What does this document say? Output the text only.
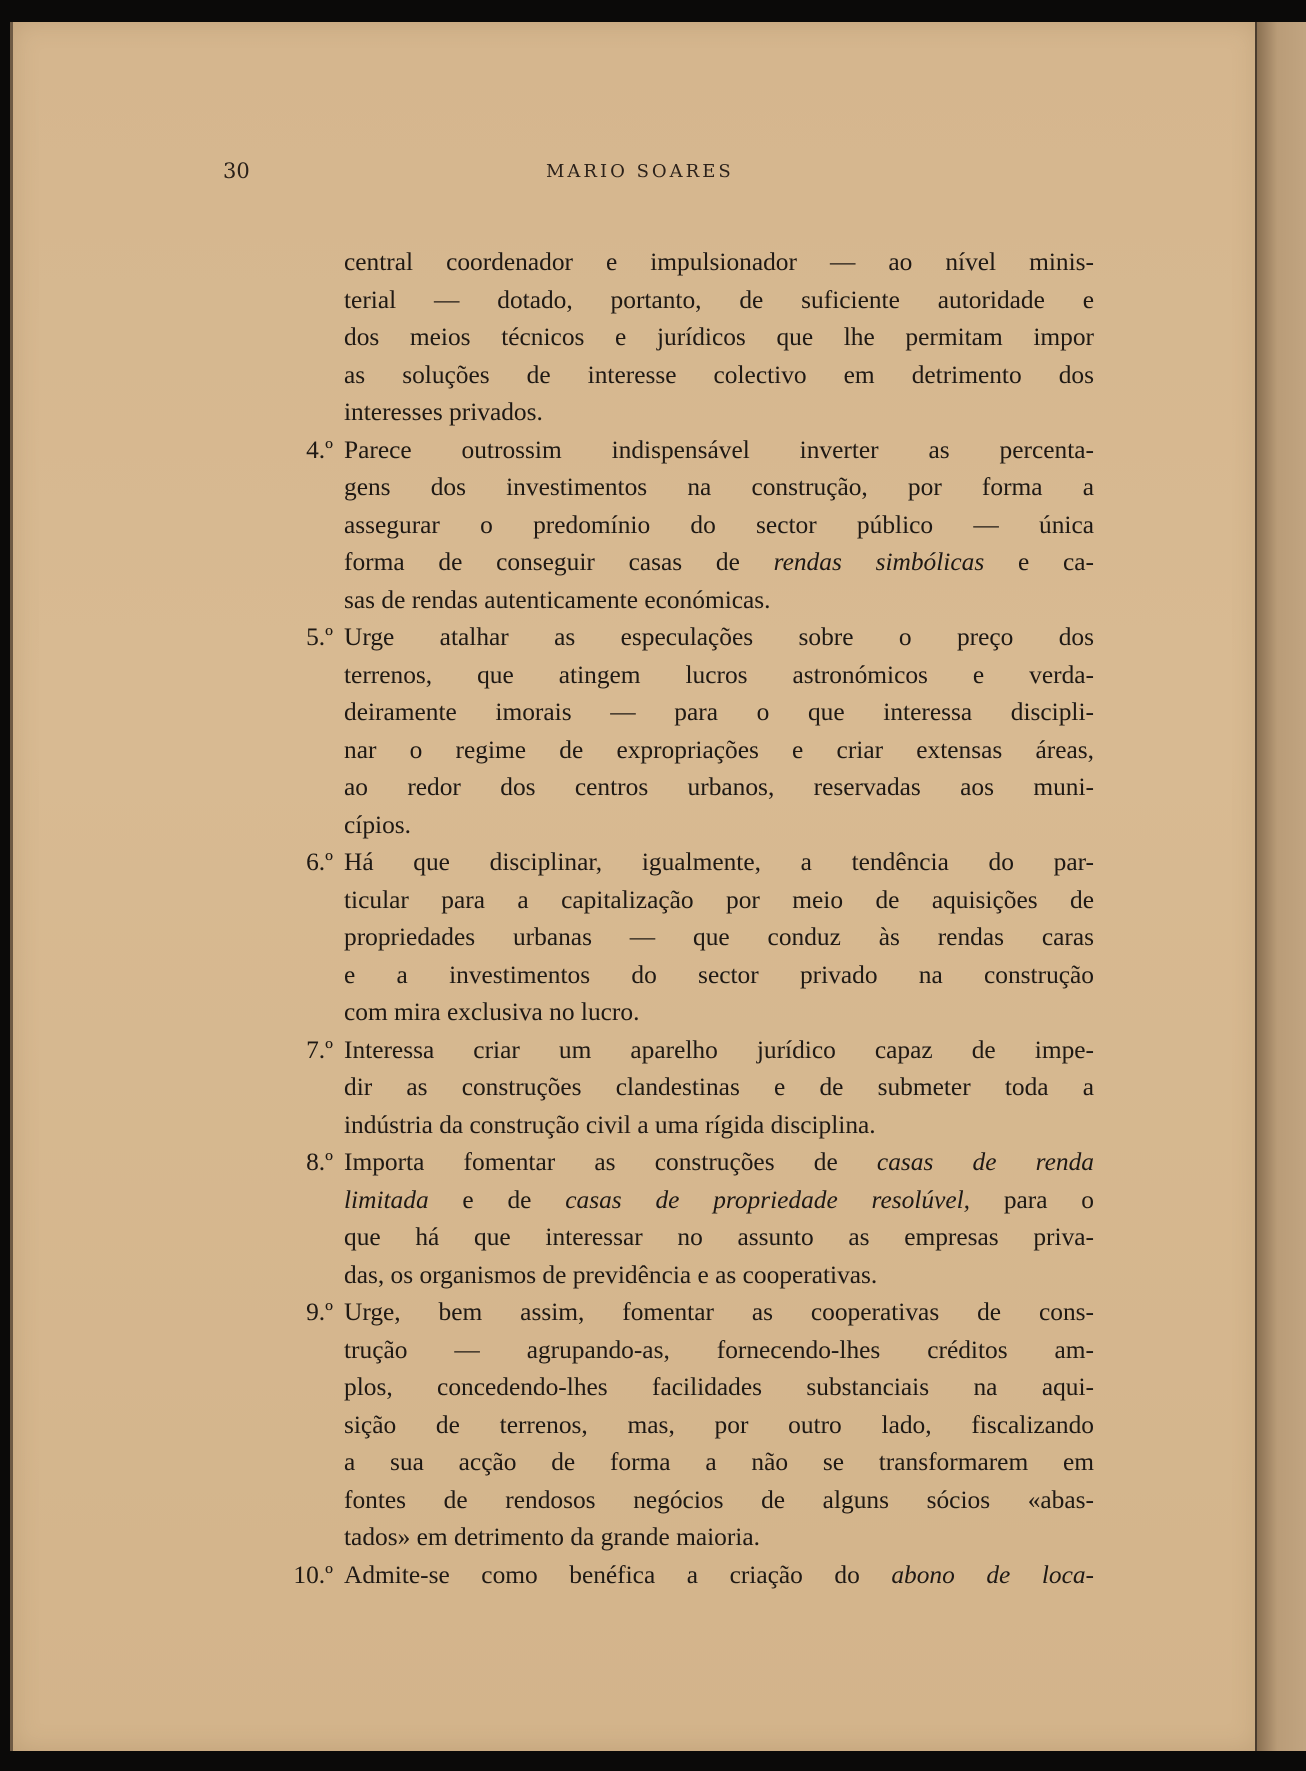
30	MARIO SOARES
central coordenador e impulsionador — ao nível minis-
terial — dotado, portanto, de suficiente autoridade e
dos meios técnicos e jurídicos que lhe permitam impor
as soluções de interesse colectivo em detrimento dos
interesses privados.
4.º Parece outrossim indispensável inverter as percenta-
gens dos investimentos na construção, por forma a
assegurar o predomínio do sector público — única
forma de conseguir casas de rendas simbólicas e ca-
sas de rendas autenticamente económicas.
5.º Urge atalhar as especulações sobre o preço dos
terrenos, que atingem lucros astronómicos e verda-
deiramente imorais — para o que interessa discipli-
nar o regime de expropriações e criar extensas áreas,
ao redor dos centros urbanos, reservadas aos muni-
cípios.
6.º Há que disciplinar, igualmente, a tendência do par-
ticular para a capitalização por meio de aquisições de
propriedades urbanas — que conduz às rendas caras
e a investimentos do sector privado na construção
com mira exclusiva no lucro.
7.º Interessa criar um aparelho jurídico capaz de impe-
dir as construções clandestinas e de submeter toda a
indústria da construção civil a uma rígida disciplina.
8.º Importa fomentar as construções de casas de renda
limitada e de casas de propriedade resolúvel, para o
que há que interessar no assunto as empresas priva-
das, os organismos de previdência e as cooperativas.
9.º Urge, bem assim, fomentar as cooperativas de cons-
trução — agrupando-as, fornecendo-lhes créditos am-
plos, concedendo-lhes facilidades substanciais na aqui-
sição de terrenos, mas, por outro lado, fiscalizando
a sua acção de forma a não se transformarem em
fontes de rendosos negócios de alguns sócios «abas-
tados» em detrimento da grande maioria.
10.º Admite-se como benéfica a criação do abono de loca-
